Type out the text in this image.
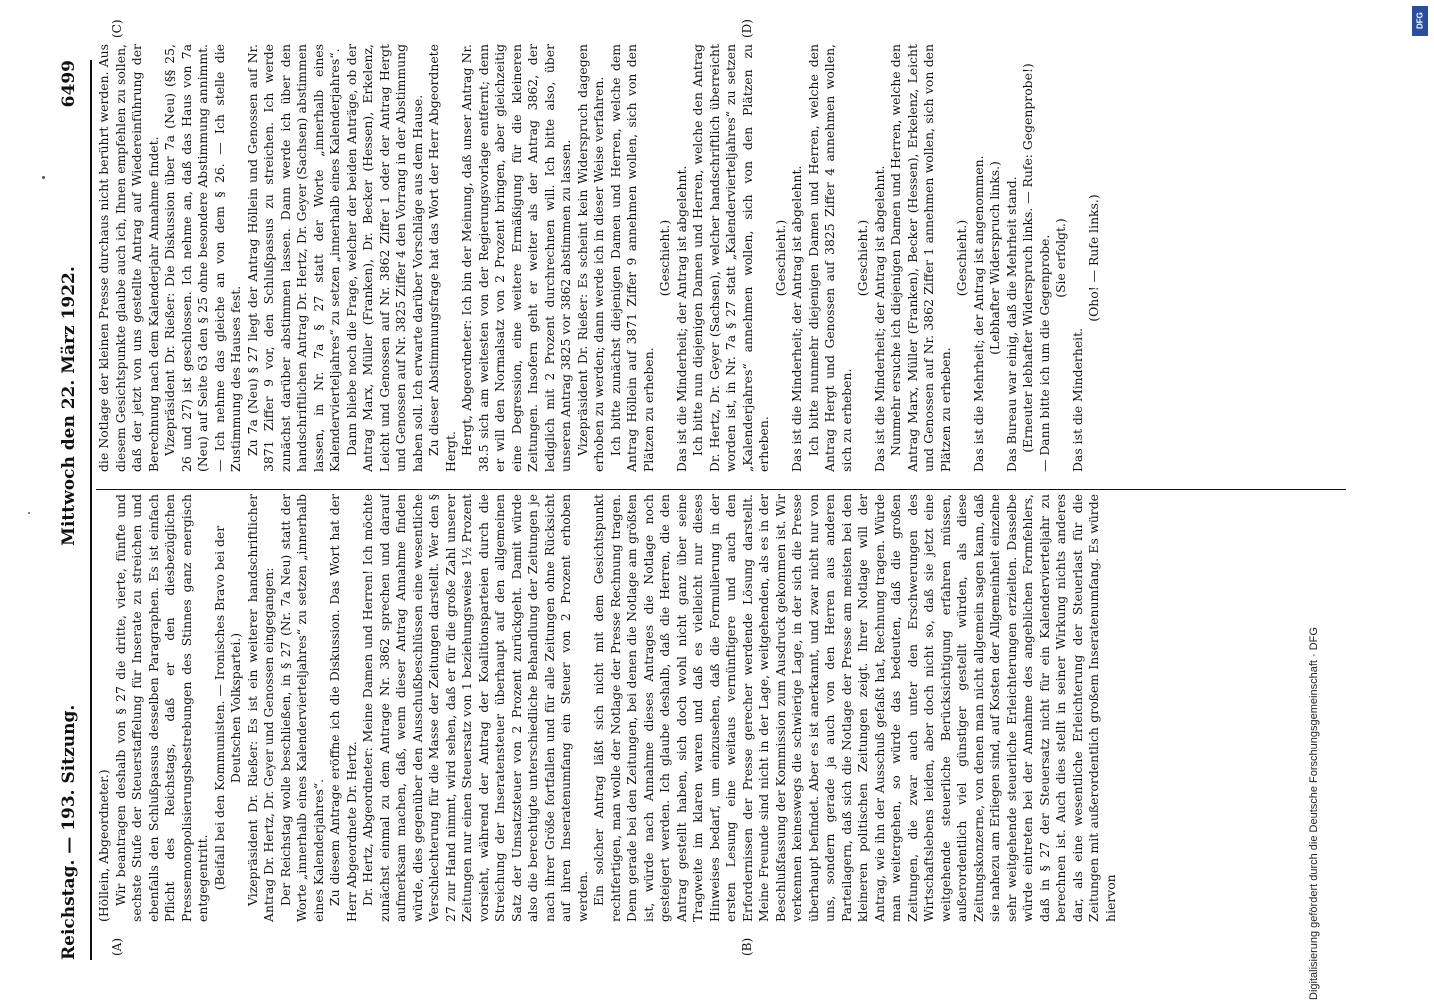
Reichstag. — 193. Sitzung.
Mittwoch den 22. März 1922.
6499
(A)	(B)
(C)	(D)

(Höllein, Abgeordneter.) Wir beantragen deshalb von § 27 die dritte, vierte, fünfte und sechste Stufe der Steuerstaffelung für Inserate zu streichen und ebenfalls den Schlußpassus desselben Paragraphen. Es ist einfach Pflicht des Reichstags, daß er den diesbezüglichen Pressemonopolisierungsbestrebungen des Stinnes ganz energisch entgegentritt. (Beifall bei den Kommunisten. — Ironisches Bravo bei der Deutschen Volkspartei.) Vizepräsident Dr. Rießer: Es ist ein weiterer handschriftlicher Antrag Dr. Hertz, Dr. Geyer und Genossen eingegangen: Der Reichstag wolle beschließen, in § 27 (Nr. 7a Neu) statt der Worte „innerhalb eines Kalendervierteljahres“ zu setzen „innerhalb eines Kalenderjahres“. Zu diesem Antrage eröffne ich die Diskussion. Das Wort hat der Herr Abgeordnete Dr. Hertz. Dr. Hertz, Abgeordneter: Meine Damen und Herren! Ich möchte zunächst einmal zu dem Antrage Nr. 3862 sprechen und darauf aufmerksam machen, daß, wenn dieser Antrag Annahme finden würde, dies gegenüber den Ausschußbeschlüssen eine wesentliche Verschlechterung für die Masse der Zeitungen darstellt. Wer den § 27 zur Hand nimmt, wird sehen, daß er für die große Zahl unserer Zeitungen nur einen Steuersatz von 1 beziehungsweise 1½ Prozent vorsieht, während der Antrag der Koalitionsparteien durch die Streichung der Inseratensteuer überhaupt auf den allgemeinen Satz der Umsatzsteuer von 2 Prozent zurückgeht. Damit würde also die berechtigte unterschiedliche Behandlung der Zeitungen je nach ihrer Größe fortfallen und für alle Zeitungen ohne Rücksicht auf ihren Inseratenumfang ein Steuer von 2 Prozent erhoben werden. Ein solcher Antrag läßt sich nicht mit dem Gesichtspunkt rechtfertigen, man wolle der Notlage der Presse Rechnung tragen. Denn gerade bei den Zeitungen, bei denen die Notlage am größten ist, würde nach Annahme dieses Antrages die Notlage noch gesteigert werden. Ich glaube deshalb, daß die Herren, die den Antrag gestellt haben, sich doch wohl nicht ganz über seine Tragweite im klaren waren und daß es vielleicht nur dieses Hinweises bedarf, um einzusehen, daß die Formulierung in der ersten Lesung eine weitaus vernünftigere und auch den Erfordernissen der Presse gerecher werdende Lösung darstellt. Meine Freunde sind nicht in der Lage, weitgehenden, als es in der Beschlußfassung der Kommission zum Ausdruck gekommen ist. Wir verkennen keineswegs die schwierige Lage, in der sich die Presse überhaupt befindet. Aber es ist anerkannt, und zwar nicht nur von uns, sondern gerade ja auch von den Herren aus anderen Parteilagern, daß sich die Notlage der Presse am meisten bei den kleineren politischen Zeitungen zeigt. Ihrer Notlage will der Antrag, wie ihn der Ausschuß gefaßt hat, Rechnung tragen. Würde man weitergehen, so würde das bedeuten, daß die großen Zeitungen, die zwar auch unter den Erschwerungen des Wirtschaftslebens leiden, aber doch nicht so, daß sie jetzt eine weitgehende steuerliche Berücksichtigung erfahren müssen, außerordentlich viel günstiger gestellt würden, als diese Zeitungskonzerne, von denen man nicht allgemein sagen kann, daß sie nahezu am Erliegen sind, auf Kosten der Allgemeinheit einzelne sehr weitgehende steuerliche Erleichterungen erzielten. Dasselbe würde eintreten bei der Annahme des angeblichen Formfehlers, daß in § 27 der Steuersatz nicht für ein Kalendervierteljahr zu berechnen ist. Auch dies stellt in seiner Wirkung nichts anderes dar, als eine wesentliche Erleichterung der Steuerlast für die Zeitungen mit außerordentlich großem Inseratenumfang. Es würde hiervon

die Notlage der kleinen Presse durchaus nicht berührt werden. Aus diesem Gesichtspunkte glaube auch ich, Ihnen empfehlen zu sollen, daß der jetzt von uns gestellte Antrag auf Wiedereinführung der Berechnung nach dem Kalenderjahr Annahme findet. Vizepräsident Dr. Rießer: Die Diskussion über 7a (Neu) (§§ 25, 26 und 27) ist geschlossen. Ich nehme an, daß das Haus von 7a (Neu) auf Seite 63 den § 25 ohne besondere Abstimmung annimmt. — Ich nehme das gleiche an von dem § 26. — Ich stelle die Zustimmung des Hauses fest. Zu 7a (Neu) § 27 liegt der Antrag Höllein und Genossen auf Nr. 3871 Ziffer 9 vor, den Schlußpassus zu streichen. Ich werde zunächst darüber abstimmen lassen. Dann werde ich über den handschriftlichen Antrag Dr. Hertz, Dr. Geyer (Sachsen) abstimmen lassen, in Nr. 7a § 27 statt der Worte „innerhalb eines Kalendervierteljahres“ zu setzen „innerhalb eines Kalenderjahres“. Dann bliebe noch die Frage, welcher der beiden Anträge, ob der Antrag Marx, Müller (Franken), Dr. Becker (Hessen), Erkelenz, Leicht und Genossen auf Nr. 3862 Ziffer 1 oder der Antrag Hergt und Genossen auf Nr. 3825 Ziffer 4 den Vorrang in der Abstimmung haben soll. Ich erwarte darüber Vorschläge aus dem Hause. Zu dieser Abstimmungsfrage hat das Wort der Herr Abgeordnete Hergt. Hergt, Abgeordneter: Ich bin der Meinung, daß unser Antrag Nr. 38.5 sich am weitesten von der Regierungsvorlage entfernt; denn er will den Normalsatz von 2 Prozent bringen, aber gleichzeitig eine Degression, eine weitere Ermäßigung für die kleineren Zeitungen. Insofern geht er weiter als der Antrag 3862, der lediglich mit 2 Prozent durchrechnen will. Ich bitte also, über unseren Antrag 3825 vor 3862 abstimmen zu lassen. Vizepräsident Dr. Rießer: Es scheint kein Widerspruch dagegen erhoben zu werden; dann werde ich in dieser Weise verfahren. Ich bitte zunächst diejenigen Damen und Herren, welche dem Antrag Höllein auf 3871 Ziffer 9 annehmen wollen, sich von den Plätzen zu erheben.

(Geschieht.) Das ist die Minderheit; der Antrag ist abgelehnt. Ich bitte nun diejenigen Damen und Herren, welche den Antrag Dr. Hertz, Dr. Geyer (Sachsen), welcher handschriftlich überreicht worden ist, in Nr. 7a § 27 statt „Kalendervierteljahres“ zu setzen „Kalenderjahres“ annehmen wollen, sich von den Plätzen zu erheben.

(Geschieht.) Das ist die Minderheit; der Antrag ist abgelehnt. Ich bitte nunmehr diejenigen Damen und Herren, welche den Antrag Hergt und Genossen auf 3825 Ziffer 4 annehmen wollen, sich zu erheben.

(Geschieht.) Das ist die Minderheit; der Antrag ist abgelehnt. Nunmehr ersuche ich diejenigen Damen und Herren, welche den Antrag Marx, Müller (Franken), Becker (Hessen), Erkelenz, Leicht und Genossen auf Nr. 3862 Ziffer 1 annehmen wollen, sich von den Plätzen zu erheben.

(Geschieht.) Das ist die Mehrheit; der Antrag ist angenommen. (Lebhafter Widerspruch links.) Das Bureau war einig, daß die Mehrheit stand. (Erneuter lebhafter Widerspruch links. — Rufe: Gegenprobe!) — Dann bitte ich um die Gegenprobe. (Sie erfolgt.)

Das ist die Minderheit.

(Oho! — Rufe links.)

Digitalisierung gefördert durch die Deutsche Forschungsgemeinschaft · DFG
DFG
